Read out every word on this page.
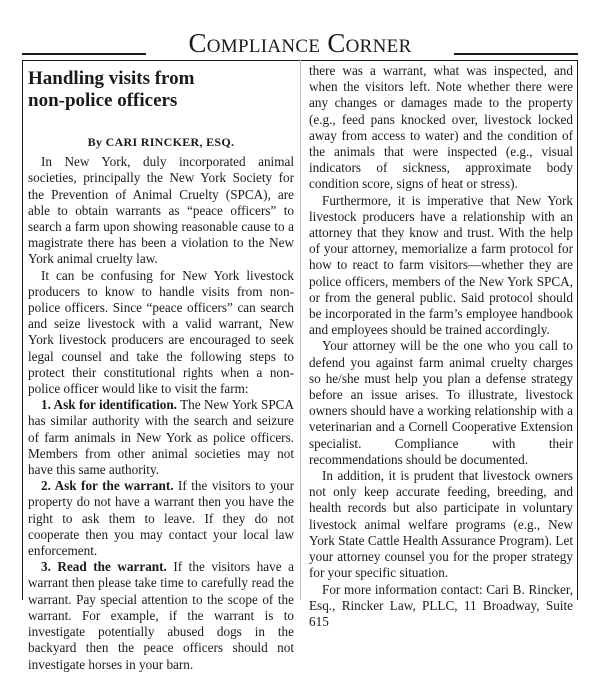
Compliance Corner
Handling visits from
non-police officers
By CARI RINCKER, ESQ.

In New York, duly incorporated animal societies, principally the New York Society for the Prevention of Animal Cruelty (SPCA), are able to obtain warrants as “peace officers” to search a farm upon showing reasonable cause to a magistrate there has been a violation to the New York animal cruelty law.

It can be confusing for New York livestock producers to know to handle visits from non-police officers. Since “peace officers” can search and seize livestock with a valid warrant, New York livestock producers are encouraged to seek legal counsel and take the following steps to protect their constitutional rights when a non-police officer would like to visit the farm:

1. Ask for identification. The New York SPCA has similar authority with the search and seizure of farm animals in New York as police officers. Members from other animal societies may not have this same authority.

2. Ask for the warrant. If the visitors to your property do not have a warrant then you have the right to ask them to leave. If they do not cooperate then you may contact your local law enforcement.

3. Read the warrant. If the visitors have a warrant then please take time to carefully read the warrant. Pay special attention to the scope of the warrant. For example, if the warrant is to investigate potentially abused dogs in the backyard then the peace officers should not investigate horses in your barn.

there was a warrant, what was inspected, and when the visitors left. Note whether there were any changes or damages made to the property (e.g., feed pans knocked over, livestock locked away from access to water) and the condition of the animals that were inspected (e.g., visual indicators of sickness, approximate body condition score, signs of heat or stress).

Furthermore, it is imperative that New York livestock producers have a relationship with an attorney that they know and trust. With the help of your attorney, memorialize a farm protocol for how to react to farm visitors—whether they are police officers, members of the New York SPCA, or from the general public. Said protocol should be incorporated in the farm’s employee handbook and employees should be trained accordingly.

Your attorney will be the one who you call to defend you against farm animal cruelty charges so he/she must help you plan a defense strategy before an issue arises. To illustrate, livestock owners should have a working relationship with a veterinarian and a Cornell Cooperative Extension specialist. Compliance with their recommendations should be documented.

In addition, it is prudent that livestock owners not only keep accurate feeding, breeding, and health records but also participate in voluntary livestock animal welfare programs (e.g., New York State Cattle Health Assurance Program). Let your attorney counsel you for the proper strategy for your specific situation.

For more information contact: Cari B. Rincker, Esq., Rincker Law, PLLC, 11 Broadway, Suite 615
